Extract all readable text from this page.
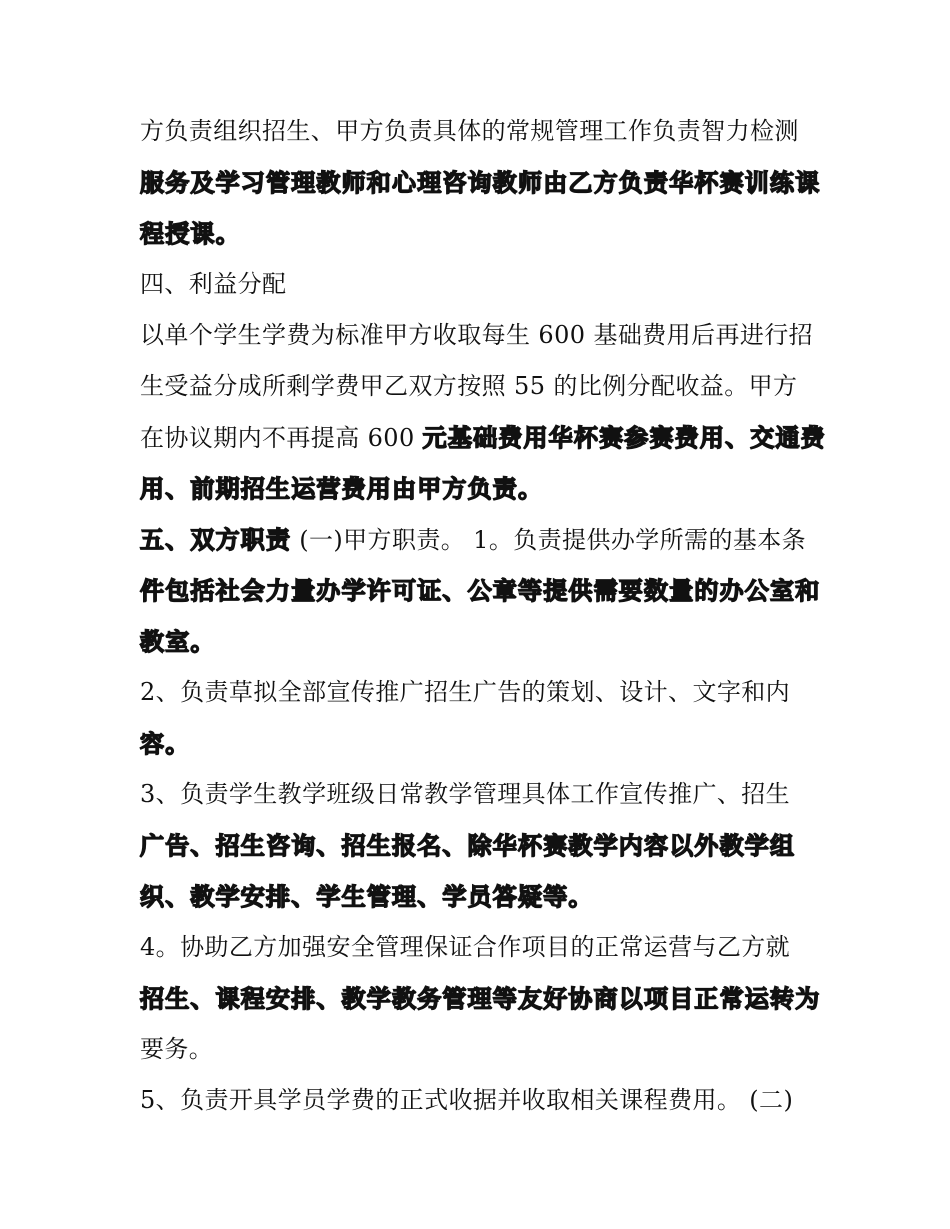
方负责组织招生、甲方负责具体的常规管理工作负责智力检测
服务及学习管理教师和心理咨询教师由乙方负责华杯赛训练课
程授课。
四、利益分配
以单个学生学费为标准甲方收取每生 600 基础费用后再进行招
生受益分成所剩学费甲乙双方按照 55 的比例分配收益。甲方
在协议期内不再提高 600 元基础费用华杯赛参赛费用、交通费
用、前期招生运营费用由甲方负责。
五、双方职责 (一)甲方职责。 1。负责提供办学所需的基本条
件包括社会力量办学许可证、公章等提供需要数量的办公室和
教室。
2、负责草拟全部宣传推广招生广告的策划、设计、文字和内
容。
3、负责学生教学班级日常教学管理具体工作宣传推广、招生
广告、招生咨询、招生报名、除华杯赛教学内容以外教学组
织、教学安排、学生管理、学员答疑等。
4。协助乙方加强安全管理保证合作项目的正常运营与乙方就
招生、课程安排、教学教务管理等友好协商以项目正常运转为
要务。
5、负责开具学员学费的正式收据并收取相关课程费用。 (二)
